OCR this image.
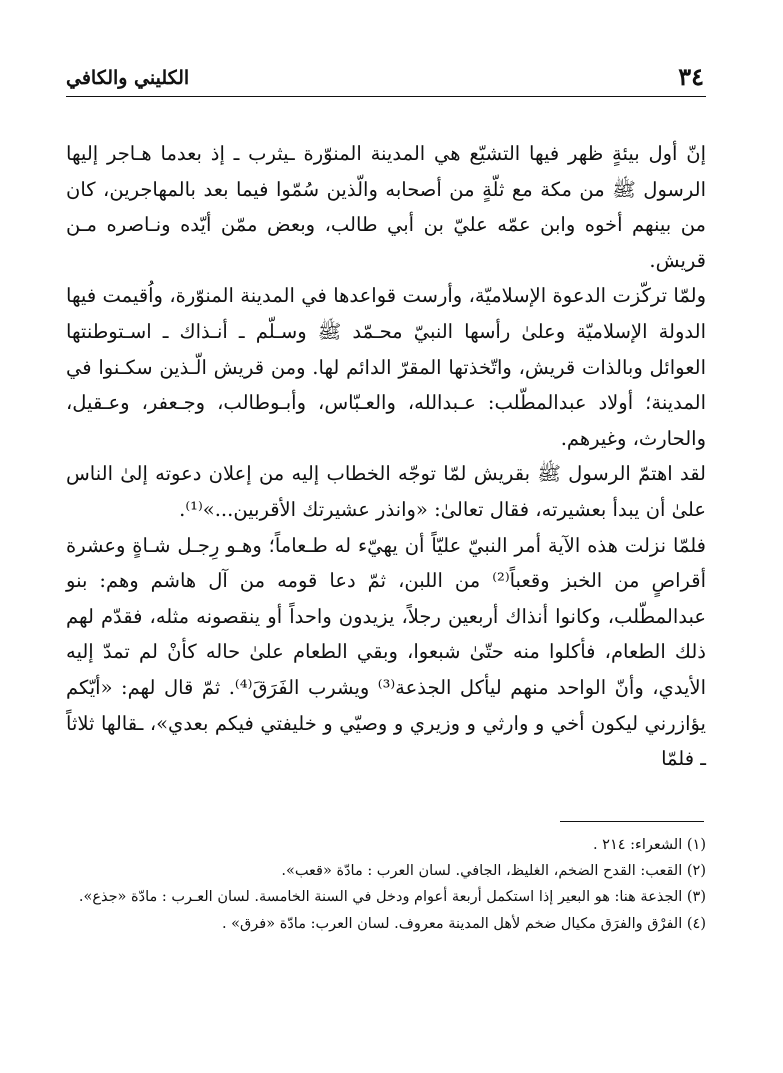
٣٤
الكليني والكافي

إنّ أول بيئةٍ ظهر فيها التشيّع هي المدينة المنوّرة ـيثرب ـ إذ بعدما هـاجر إليها الرسول ﷺ من مكة مع ثلّةٍ من أصحابه والّذين سُمّوا فيما بعد بالمهاجرين، كان من بينهم أخوه وابن عمّه عليّ بن أبي طالب، وبعض ممّن أيّده ونـاصره مـن قريش.

ولمّا تركّزت الدعوة الإسلاميّة، وأرست قواعدها في المدينة المنوّرة، واُقيمت فيها الدولة الإسلاميّة وعلىٰ رأسها النبيّ محـمّد ﷺ وسـلّم ـ أنـذاك ـ اسـتوطنتها العوائل وبالذات قريش، واتّخذتها المقرّ الدائم لها. ومن قريش الّـذين سكـنوا في المدينة؛ أولاد عبدالمطّلب: عـبدالله، والعـبّاس، وأبـوطالب، وجـعفر، وعـقيل، والحارث، وغيرهم.

لقد اهتمّ الرسول ﷺ بقريش لمّا توجّه الخطاب إليه من إعلان دعوته إلىٰ الناس علىٰ أن يبدأ بعشيرته، فقال تعالىٰ: «وانذر عشيرتك الأقربين...»⁽¹⁾.

فلمّا نزلت هذه الآية أمر النبيّ عليّاً أن يهيّء له طـعاماً؛ وهـو رِجـل شـاةٍ وعشرة أقراصٍ من الخبز وقعباً⁽²⁾ من اللبن، ثمّ دعا قومه من آل هاشم وهم: بنو عبدالمطّلب، وكانوا أنذاك أربعين رجلاً، يزيدون واحداً أو ينقصونه مثله، فقدّم لهم ذلك الطعام، فأكلوا منه حتّىٰ شبعوا، وبقي الطعام علىٰ حاله كأنْ لم تمدّ إليه الأيدي، وأنّ الواحد منهم ليأكل الجذعة⁽³⁾ ويشرب الفَرَقَ⁽⁴⁾. ثمّ قال لهم: «أيّكم يؤازرني ليكون أخي و وارثي و وزيري و وصيّي و خليفتي فيكم بعدي»، ـقالها ثلاثاً ـ فلمّا

(١) الشعراء: ٢١٤ .

(٢) القعب: القدح الضخم، الغليظ، الجافي. لسان العرب : مادّة «قعب».

(٣) الجذعة هنا: هو البعير إذا استكمل أربعة أعوام ودخل في السنة الخامسة. لسان العـرب : مادّة «جذع».

(٤) الفرْق والفرَق مكيال ضخم لأهل المدينة معروف. لسان العرب: مادّة «فرق» .
